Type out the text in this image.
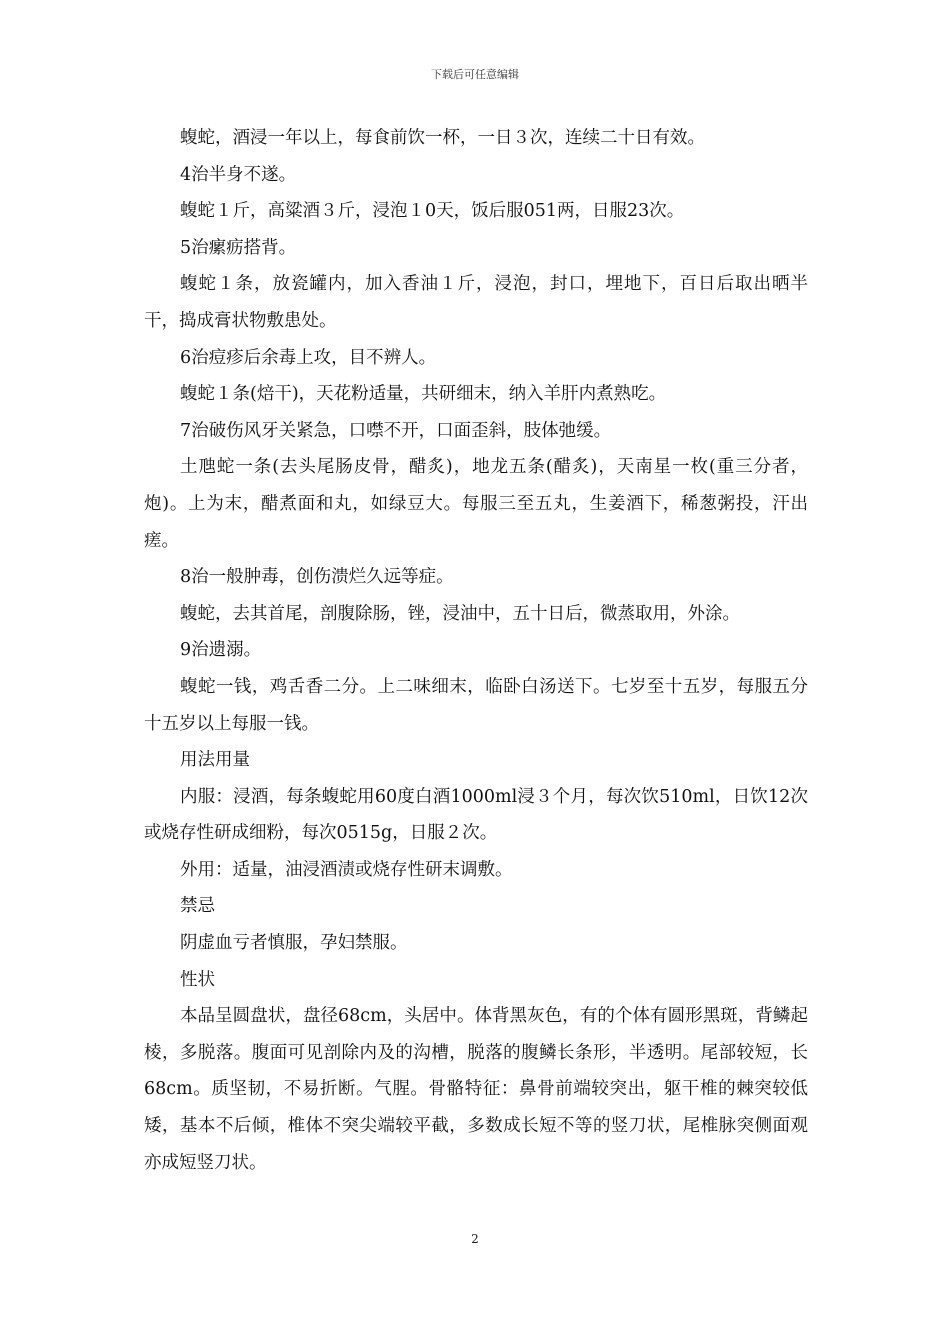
下载后可任意编辑

蝮蛇，酒浸一年以上，每食前饮一杯，一日３次，连续二十日有效。

4治半身不遂。

蝮蛇１斤，高粱酒３斤，浸泡１0天，饭后服051两，日服23次。

5治瘰疬搭背。

蝮蛇１条，放瓷罐内，加入香油１斤，浸泡，封口，埋地下，百日后取出晒半干，捣成膏状物敷患处。

6治痘疹后余毒上攻，目不辨人。

蝮蛇１条(焙干)，天花粉适量，共研细末，纳入羊肝内煮熟吃。

7治破伤风牙关紧急，口噤不开，口面歪斜，肢体弛缓。

土虺蛇一条(去头尾肠皮骨，醋炙)，地龙五条(醋炙)，天南星一枚(重三分者，炮)。上为末，醋煮面和丸，如绿豆大。每服三至五丸，生姜酒下，稀葱粥投，汗出瘥。

8治一般肿毒，创伤溃烂久远等症。

蝮蛇，去其首尾，剖腹除肠，锉，浸油中，五十日后，微蒸取用，外涂。

9治遗溺。

蝮蛇一钱，鸡舌香二分。上二味细末，临卧白汤送下。七岁至十五岁，每服五分十五岁以上每服一钱。

用法用量

内服：浸酒，每条蝮蛇用60度白酒1000ml浸３个月，每次饮510ml，日饮12次或烧存性研成细粉，每次0515g，日服２次。

外用：适量，油浸酒渍或烧存性研末调敷。

禁忌

阴虚血亏者慎服，孕妇禁服。

性状

本品呈圆盘状，盘径68cm，头居中。体背黑灰色，有的个体有圆形黑斑，背鳞起棱，多脱落。腹面可见剖除内及的沟槽，脱落的腹鳞长条形，半透明。尾部较短，长68cm。质坚韧，不易折断。气腥。骨骼特征：鼻骨前端较突出，躯干椎的棘突较低矮，基本不后倾，椎体不突尖端较平截，多数成长短不等的竖刀状，尾椎脉突侧面观亦成短竖刀状。

2
